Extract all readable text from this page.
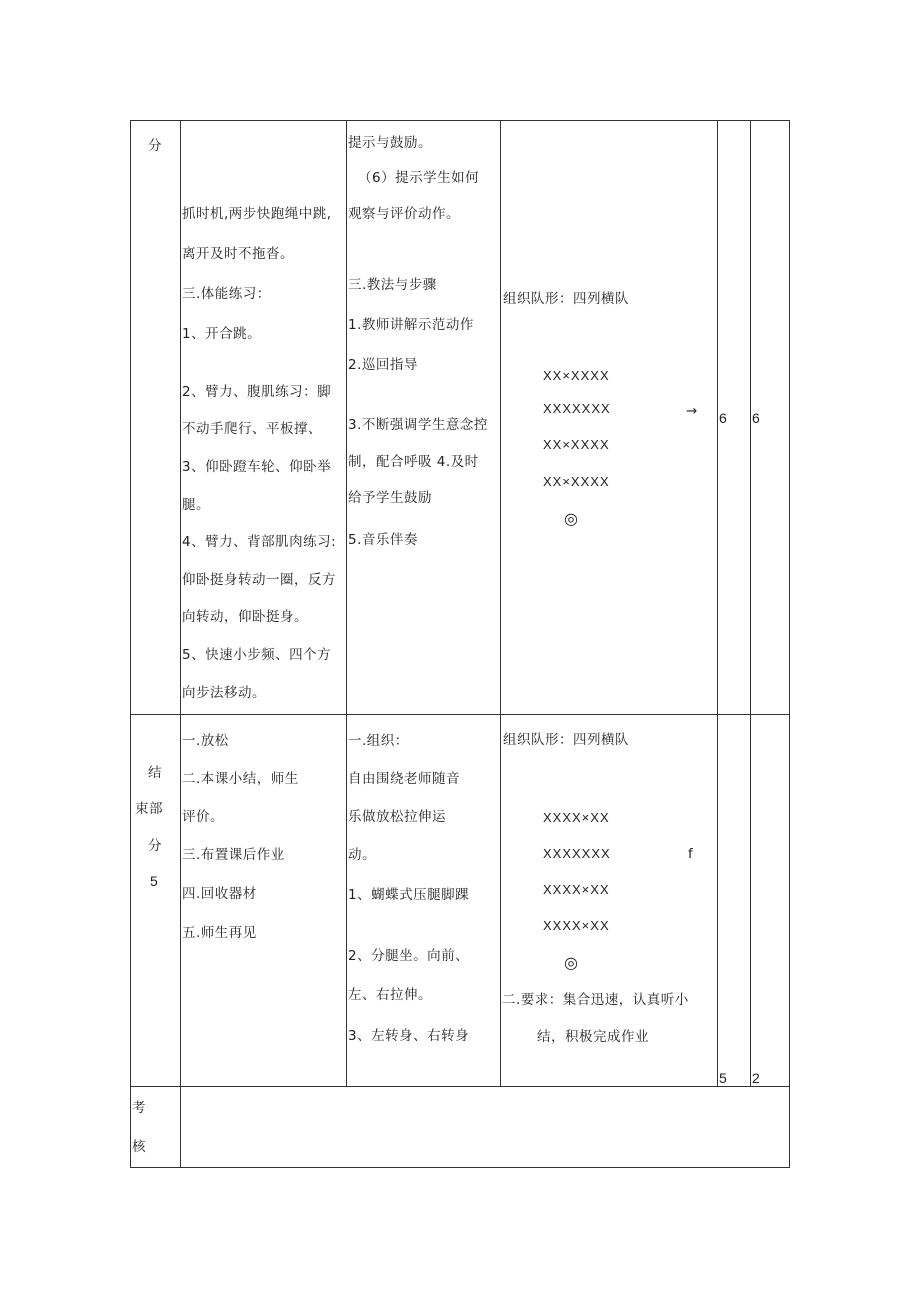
分
抓时机,两步快跑绳中跳,
离开及时不拖沓。
三.体能练习：
1、开合跳。
2、臂力、腹肌练习：脚
不动手爬行、平板撑、
3、仰卧蹬车轮、仰卧举
腿。
4、臂力、背部肌肉练习:
仰卧挺身转动一圈，反方
向转动，仰卧挺身。
5、快速小步频、四个方
向步法移动。
提示与鼓励。
（6）提示学生如何
观察与评价动作。
三.教法与步骤
1.教师讲解示范动作
2.巡回指导
3.不断强调学生意念控
制，配合呼吸 4.及时
给予学生鼓励
5.音乐伴奏
组织队形：四列横队
XX×XXXX
XXXXXXX
XX×XXXX
XX×XXXX
→
◎
6 6
结
束部
分
5
一.放松
二.本课小结，师生
评价。
三.布置课后作业
四.回收器材
五.师生再见
一.组织：
自由围绕老师随音
乐做放松拉伸运
动。
1、蝴蝶式压腿脚踝
2、分腿坐。向前、
左、右拉伸。
3、左转身、右转身
组织队形：四列横队
XXXX×XX
XXXXXXX
XXXX×XX
XXXX×XX
f
◎
二.要求：集合迅速，认真听小
结，积极完成作业
5 2
考
核
